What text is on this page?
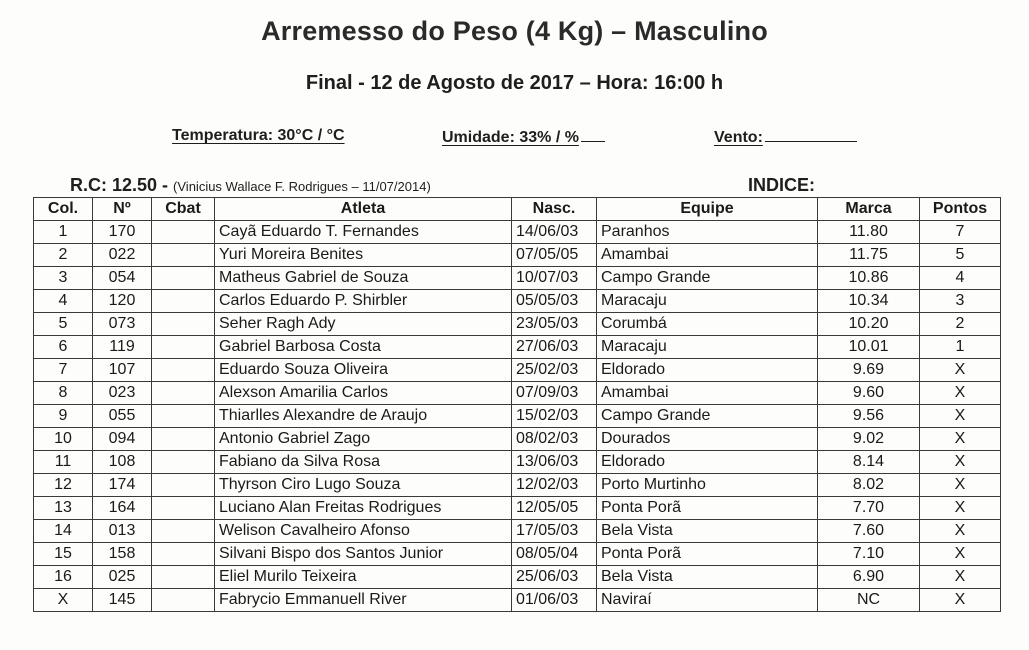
Arremesso do Peso (4 Kg) – Masculino
Final - 12 de Agosto de 2017 – Hora: 16:00 h
Temperatura: 30°C / °C	Umidade: 33% / %	Vento:
R.C: 12.50 - (Vinicius Wallace F. Rodrigues – 11/07/2014)	INDICE:
Col.	Nº	Cbat	Atleta	Nasc.	Equipe	Marca	Pontos
1	170		Cayã Eduardo T. Fernandes	14/06/03	Paranhos	11.80	7
2	022		Yuri Moreira Benites	07/05/05	Amambai	11.75	5
3	054		Matheus Gabriel de Souza	10/07/03	Campo Grande	10.86	4
4	120		Carlos Eduardo P. Shirbler	05/05/03	Maracaju	10.34	3
5	073		Seher Ragh Ady	23/05/03	Corumbá	10.20	2
6	119		Gabriel Barbosa Costa	27/06/03	Maracaju	10.01	1
7	107		Eduardo Souza Oliveira	25/02/03	Eldorado	9.69	X
8	023		Alexson Amarilia Carlos	07/09/03	Amambai	9.60	X
9	055		Thiarlles Alexandre de Araujo	15/02/03	Campo Grande	9.56	X
10	094		Antonio Gabriel Zago	08/02/03	Dourados	9.02	X
11	108		Fabiano da Silva Rosa	13/06/03	Eldorado	8.14	X
12	174		Thyrson Ciro Lugo Souza	12/02/03	Porto Murtinho	8.02	X
13	164		Luciano Alan Freitas Rodrigues	12/05/05	Ponta Porã	7.70	X
14	013		Welison Cavalheiro Afonso	17/05/03	Bela Vista	7.60	X
15	158		Silvani Bispo dos Santos Junior	08/05/04	Ponta Porã	7.10	X
16	025		Eliel Murilo Teixeira	25/06/03	Bela Vista	6.90	X
X	145		Fabrycio Emmanuell River	01/06/03	Naviraí	NC	X
